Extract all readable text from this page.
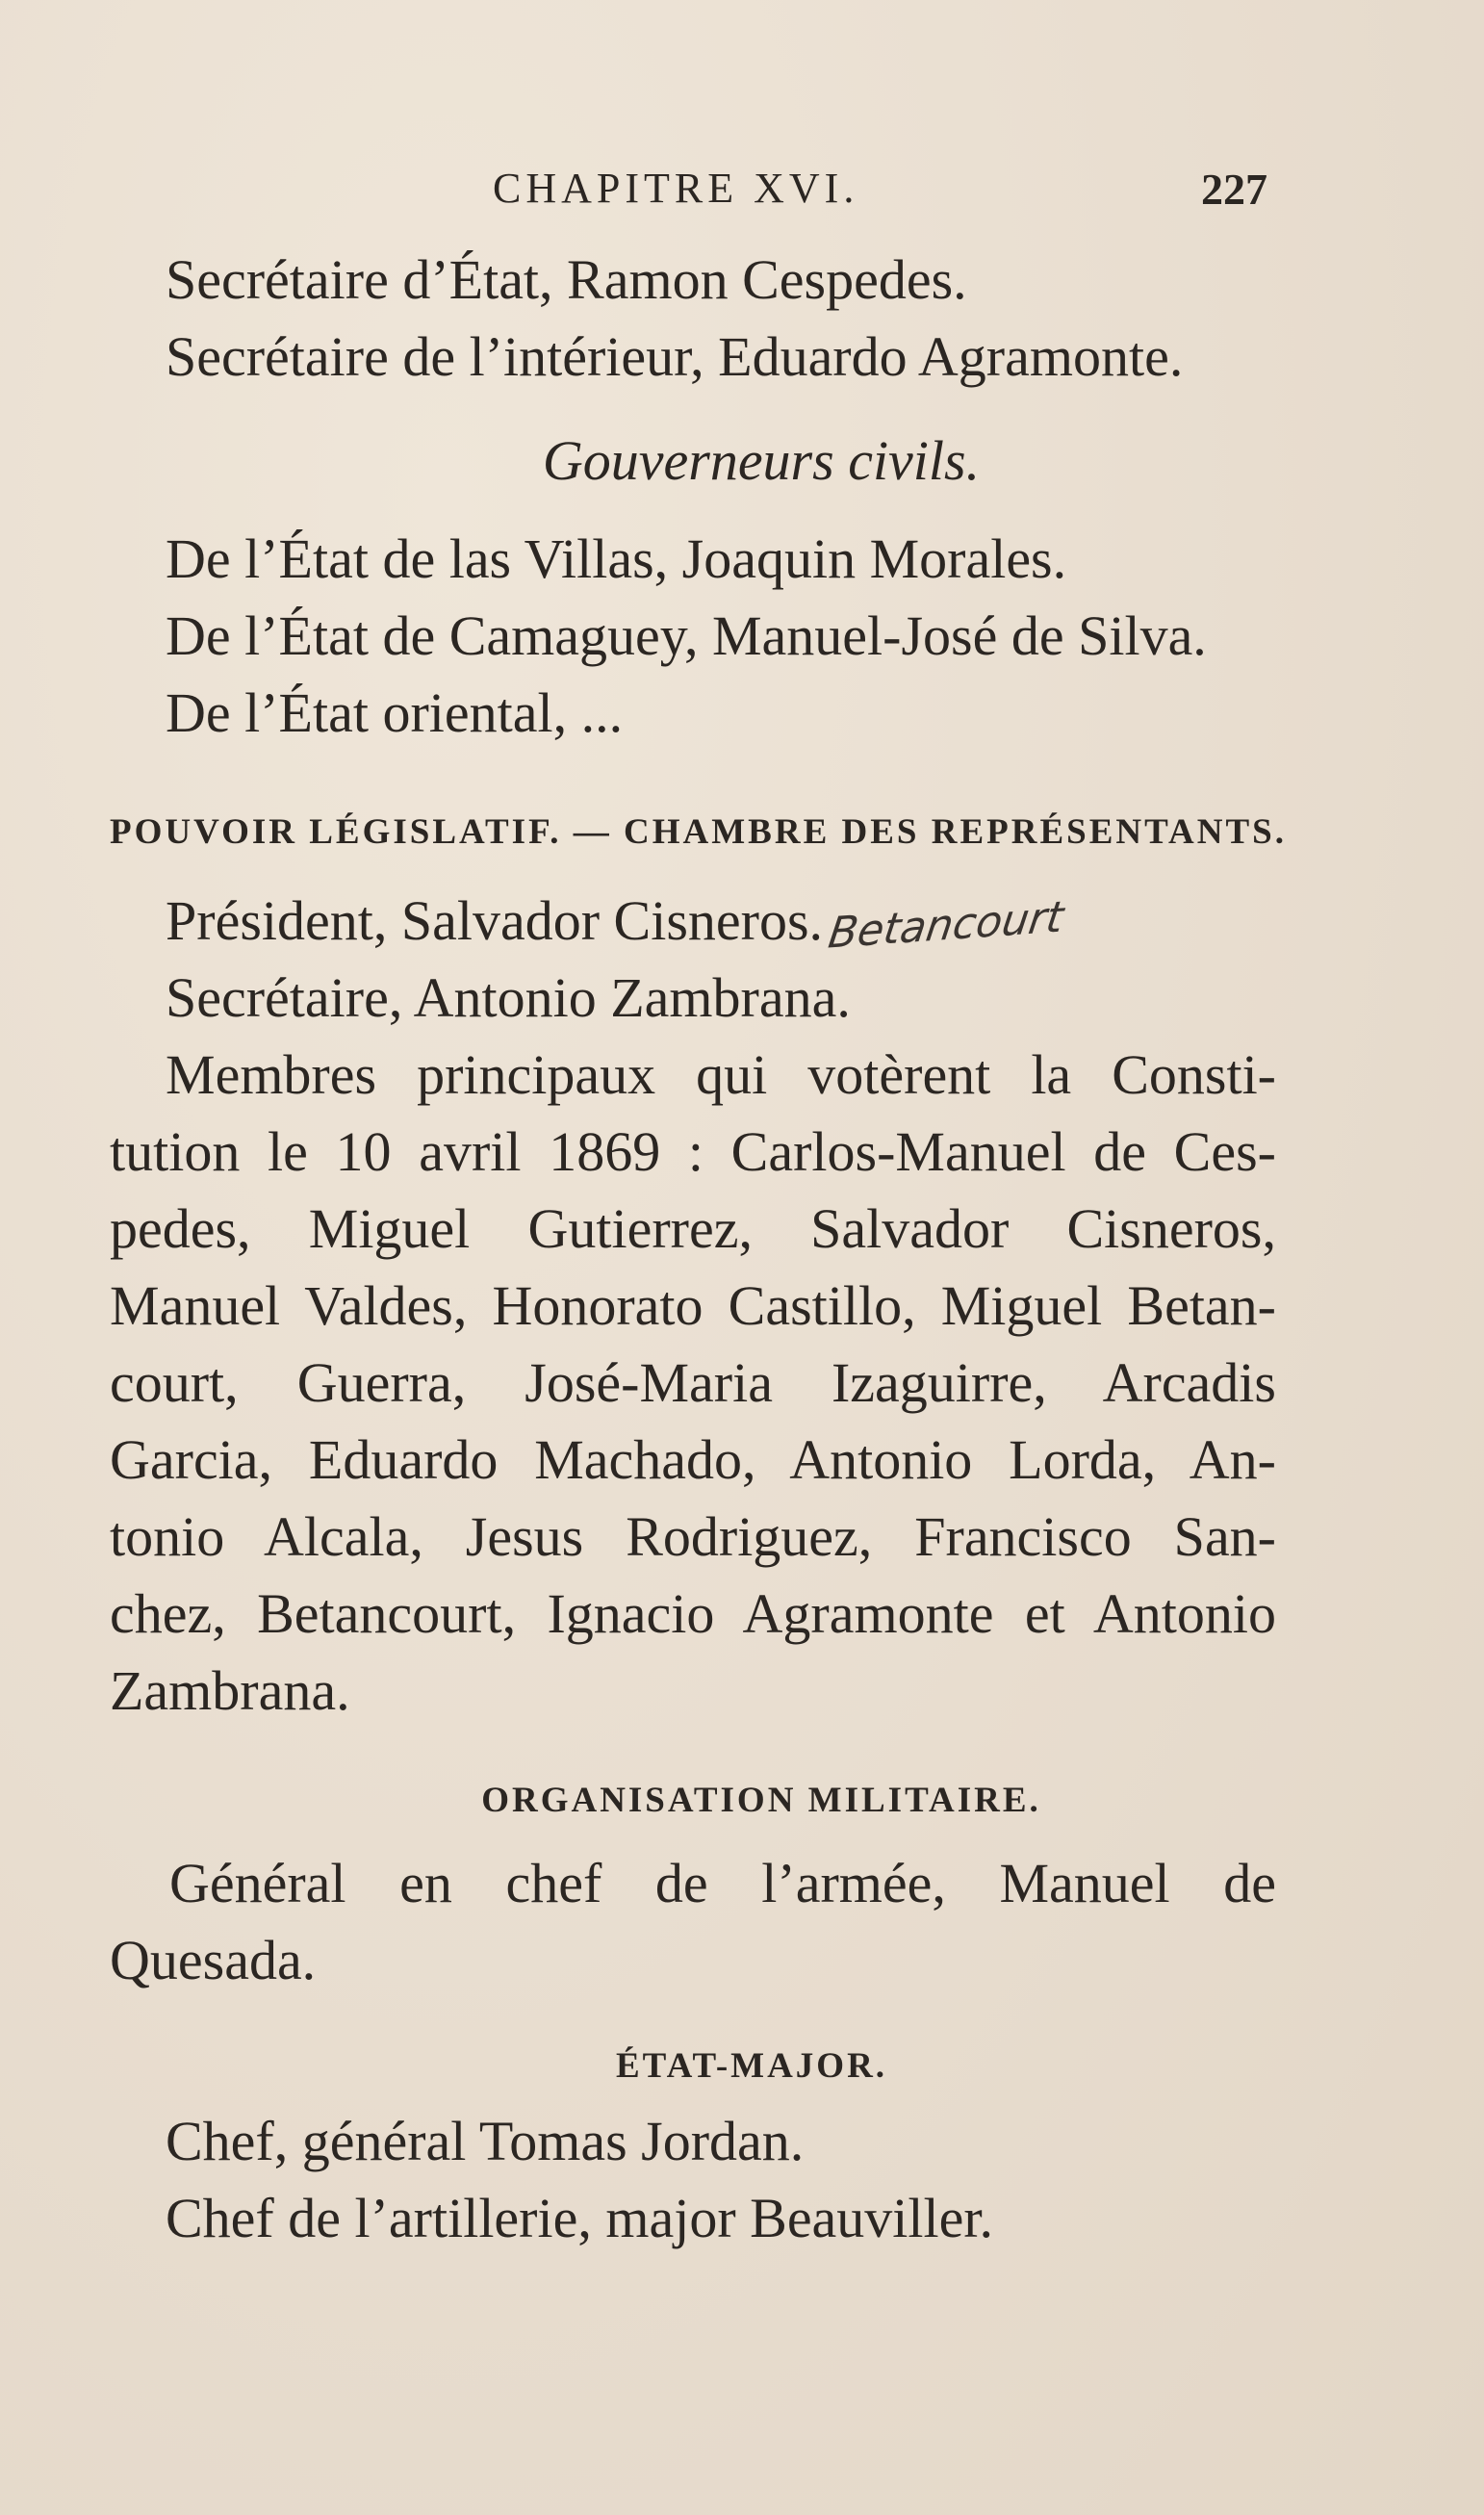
CHAPITRE XVI.	227
Secrétaire d’État, Ramon Cespedes.
Secrétaire de l’intérieur, Eduardo Agramonte.
Gouverneurs civils.
De l’État de las Villas, Joaquin Morales.
De l’État de Camaguey, Manuel-José de Silva.
De l’État oriental, ...
POUVOIR LÉGISLATIF. — CHAMBRE DES REPRÉSENTANTS.
Président, Salvador Cisneros.Betancourt
Secrétaire, Antonio Zambrana.
Membres principaux qui votèrent la Consti-
tution le 10 avril 1869 : Carlos-Manuel de Ces-
pedes, Miguel Gutierrez, Salvador Cisneros,
Manuel Valdes, Honorato Castillo, Miguel Betan-
court, Guerra, José-Maria Izaguirre, Arcadis
Garcia, Eduardo Machado, Antonio Lorda, An-
tonio Alcala, Jesus Rodriguez, Francisco San-
chez, Betancourt, Ignacio Agramonte et Antonio
Zambrana.
ORGANISATION MILITAIRE.
Général en chef de l’armée, Manuel de
Quesada.
ÉTAT-MAJOR.
Chef, général Tomas Jordan.
Chef de l’artillerie, major Beauviller.
